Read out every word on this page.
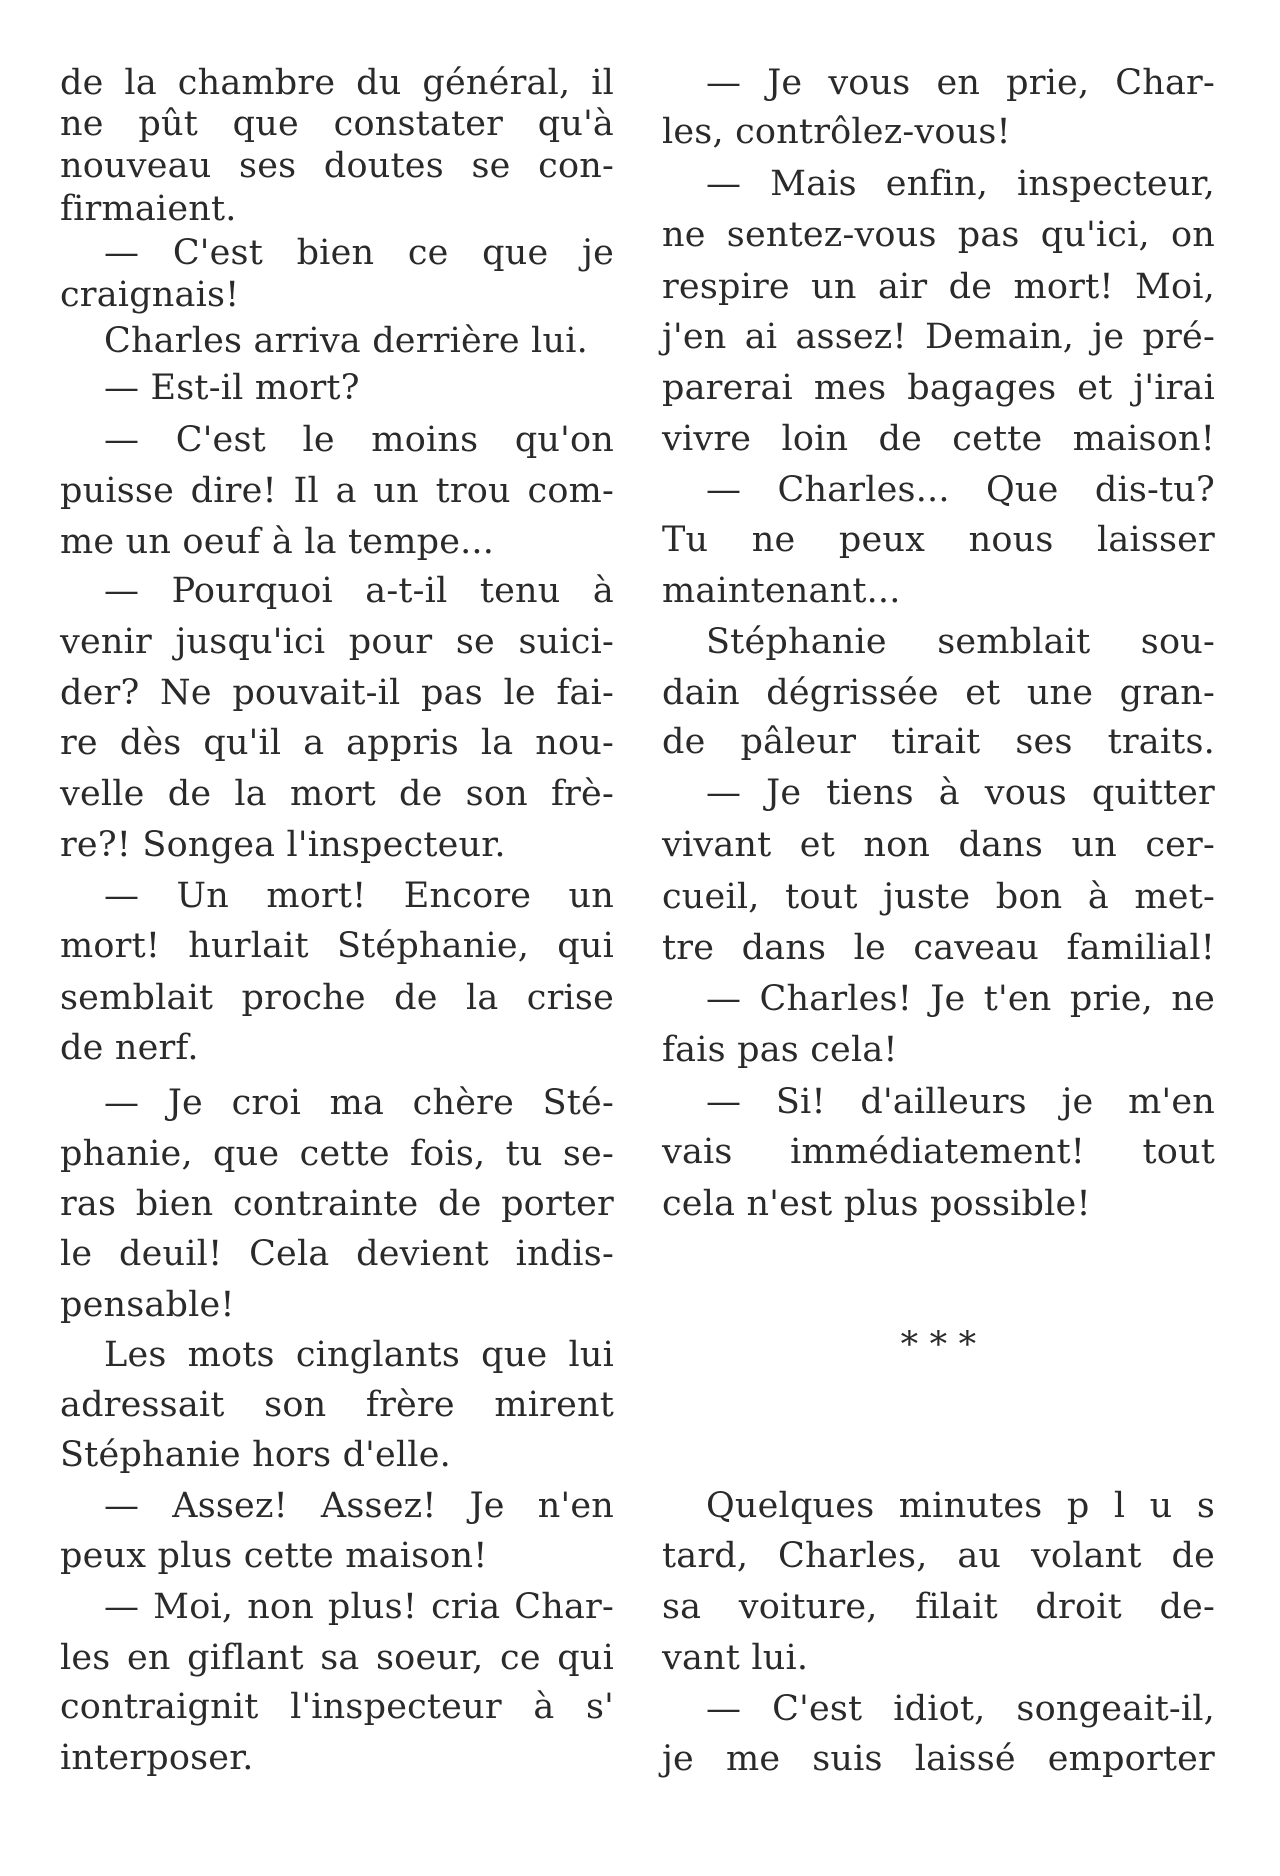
de la chambre du général, il
ne pût que constater qu'à
nouveau ses doutes se con-
firmaient.
— C'est bien ce que je
craignais!
Charles arriva derrière lui.
— Est-il mort?
— C'est le moins qu'on
puisse dire! Il a un trou com-
me un oeuf à la tempe...
— Pourquoi a-t-il tenu à
venir jusqu'ici pour se suici-
der? Ne pouvait-il pas le fai-
re dès qu'il a appris la nou-
velle de la mort de son frè-
re?! Songea l'inspecteur.
— Un mort! Encore un
mort! hurlait Stéphanie, qui
semblait proche de la crise
de nerf.
— Je croi ma chère Sté-
phanie, que cette fois, tu se-
ras bien contrainte de porter
le deuil! Cela devient indis-
pensable!
Les mots cinglants que lui
adressait son frère mirent
Stéphanie hors d'elle.
— Assez! Assez! Je n'en
peux plus cette maison!
— Moi, non plus! cria Char-
les en giflant sa soeur, ce qui
contraignit l'inspecteur à s'
interposer.
— Je vous en prie, Char-
les, contrôlez-vous!
— Mais enfin, inspecteur,
ne sentez-vous pas qu'ici, on
respire un air de mort! Moi,
j'en ai assez! Demain, je pré-
parerai mes bagages et j'irai
vivre loin de cette maison!
— Charles... Que dis-tu?
Tu ne peux nous laisser
maintenant...
Stéphanie semblait sou-
dain dégrissée et une gran-
de pâleur tirait ses traits.
— Je tiens à vous quitter
vivant et non dans un cer-
cueil, tout juste bon à met-
tre dans le caveau familial!
— Charles! Je t'en prie, ne
fais pas cela!
— Si! d'ailleurs je m'en
vais immédiatement! tout
cela n'est plus possible!
* * *
Quelques minutes p l u s
tard, Charles, au volant de
sa voiture, filait droit de-
vant lui.
— C'est idiot, songeait-il,
je me suis laissé emporter
